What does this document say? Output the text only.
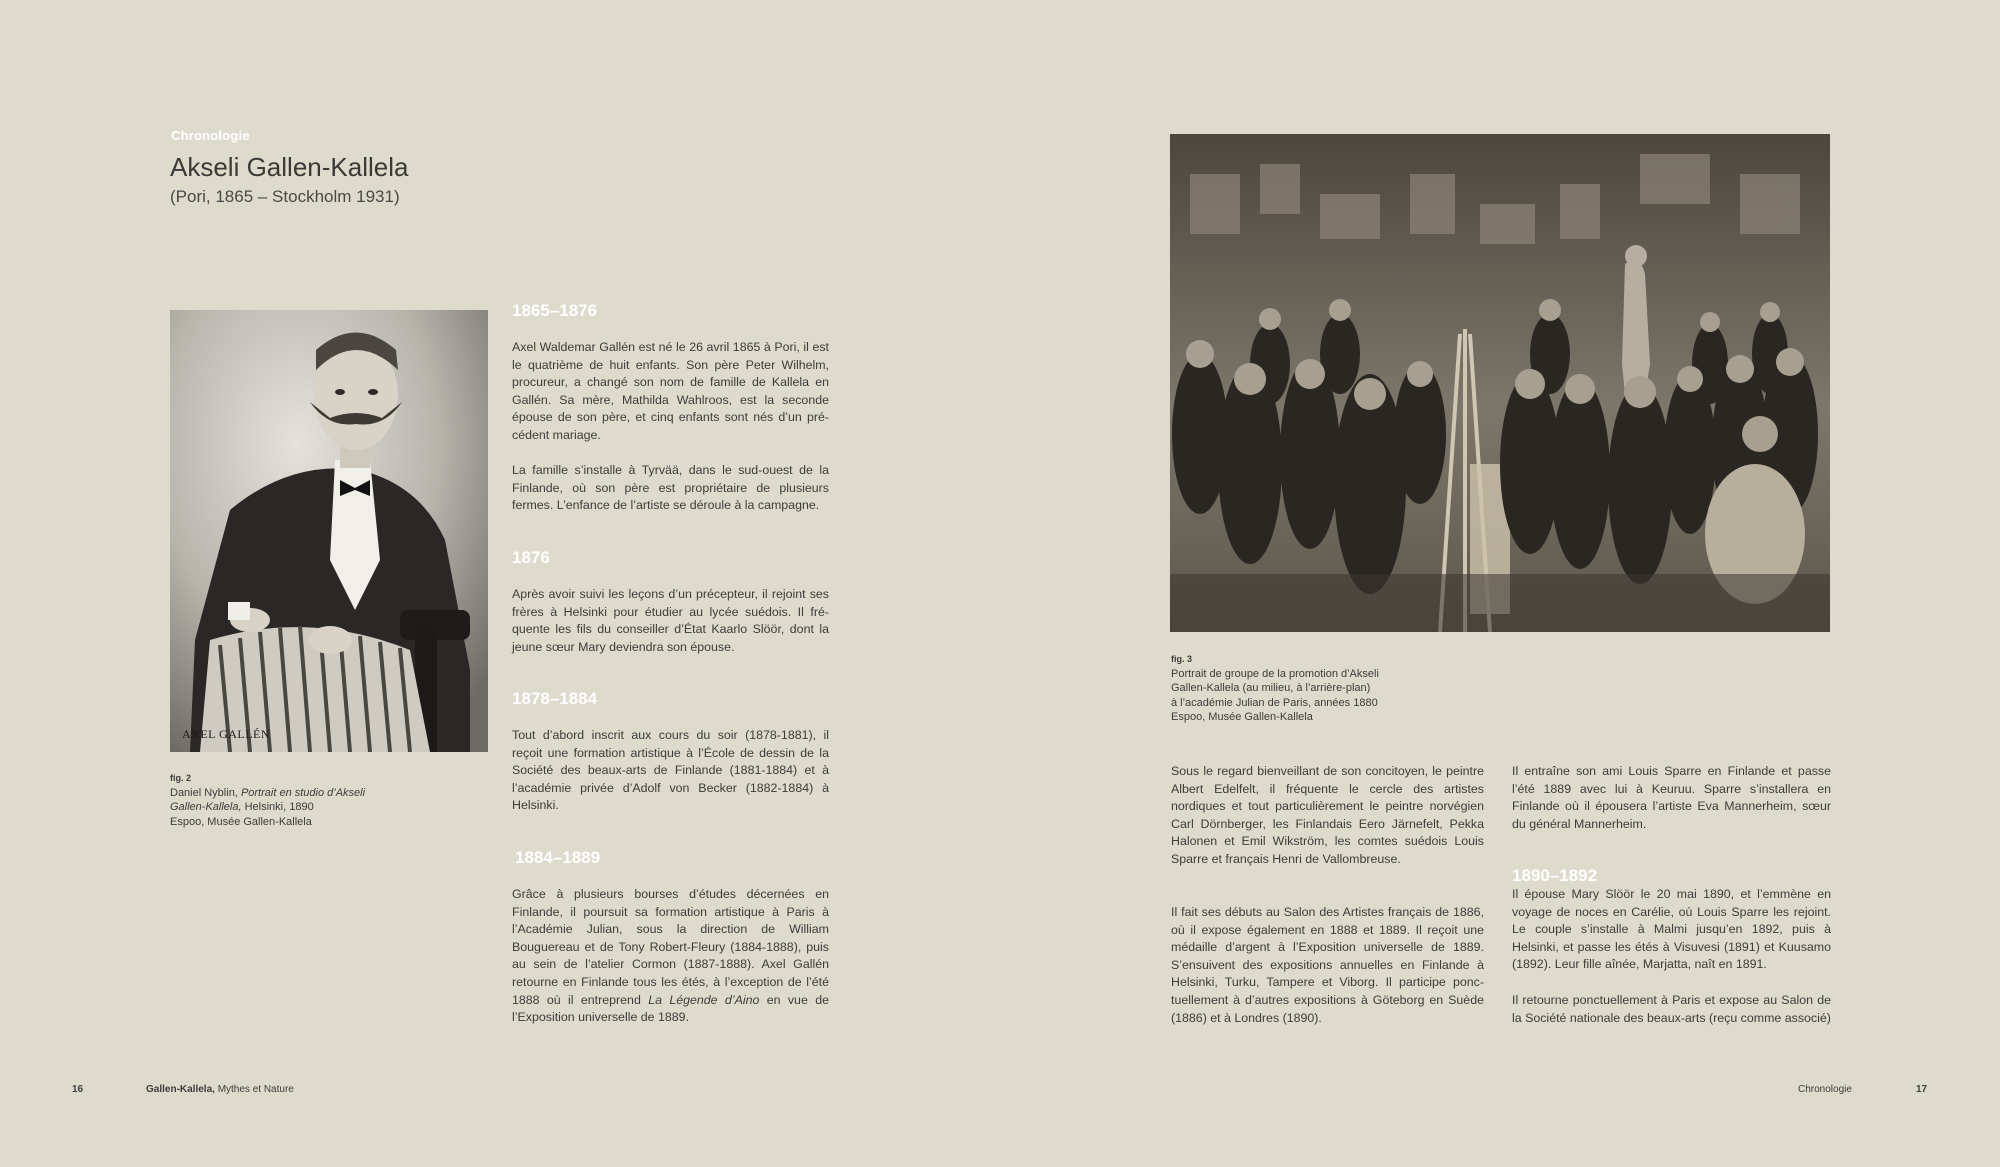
Chronologie
Akseli Gallen-Kallela
(Pori, 1865 – Stockholm 1931)
AXEL GALLÉN
fig. 2
Daniel Nyblin, Portrait en studio d’Akseli
Gallen-Kallela, Helsinki, 1890
Espoo, Musée Gallen-Kallela
1865–1876
Axel Waldemar Gallén est né le 26 avril 1865 à Pori, il est le quatrième de huit enfants. Son père Peter Wilhelm, procureur, a changé son nom de famille de Kallela en Gallén. Sa mère, Mathilda Wahlroos, est la seconde épouse de son père, et cinq enfants sont nés d’un pré-cédent mariage.
La famille s’installe à Tyrvää, dans le sud-ouest de la Finlande, où son père est propriétaire de plusieurs fermes. L’enfance de l’artiste se déroule à la campagne.
1876
Après avoir suivi les leçons d’un précepteur, il rejoint ses frères à Helsinki pour étudier au lycée suédois. Il fré-quente les fils du conseiller d’État Kaarlo Slöör, dont la jeune sœur Mary deviendra son épouse.
1878–1884
Tout d’abord inscrit aux cours du soir (1878-1881), il reçoit une formation artistique à l’École de dessin de la Société des beaux-arts de Finlande (1881-1884) et à l’académie privée d’Adolf von Becker (1882-1884) à Helsinki.
1884–1889
Grâce à plusieurs bourses d’études décernées en Finlande, il poursuit sa formation artistique à Paris à l’Académie Julian, sous la direction de William Bouguereau et de Tony Robert-Fleury (1884-1888), puis au sein de l’atelier Cormon (1887-1888). Axel Gallén retourne en Finlande tous les étés, à l’exception de l’été 1888 où il entreprend La Légende d’Aino en vue de l’Exposition universelle de 1889.
16	Gallen-Kallela, Mythes et Nature
fig. 3
Portrait de groupe de la promotion d’Akseli
Gallen-Kallela (au milieu, à l’arrière-plan)
à l’académie Julian de Paris, années 1880
Espoo, Musée Gallen-Kallela
Sous le regard bienveillant de son concitoyen, le peintre Albert Edelfelt, il fréquente le cercle des artistes nordiques et tout particulièrement le peintre norvégien Carl Dörnberger, les Finlandais Eero Järnefelt, Pekka Halonen et Emil Wikström, les comtes suédois Louis Sparre et français Henri de Vallombreuse.
Il fait ses débuts au Salon des Artistes français de 1886, où il expose également en 1888 et 1889. Il reçoit une médaille d’argent à l’Exposition universelle de 1889. S’ensuivent des expositions annuelles en Finlande à Helsinki, Turku, Tampere et Viborg. Il participe ponc-tuellement à d’autres expositions à Göteborg en Suède (1886) et à Londres (1890).
Il entraîne son ami Louis Sparre en Finlande et passe l’été 1889 avec lui à Keuruu. Sparre s’installera en Finlande où il épousera l’artiste Eva Mannerheim, sœur du général Mannerheim.
1890–1892
Il épouse Mary Slöör le 20 mai 1890, et l’emmène en voyage de noces en Carélie, où Louis Sparre les rejoint. Le couple s’installe à Malmi jusqu’en 1892, puis à Helsinki, et passe les étés à Visuvesi (1891) et Kuusamo (1892). Leur fille aînée, Marjatta, naît en 1891.
Il retourne ponctuellement à Paris et expose au Salon de la Société nationale des beaux-arts (reçu comme associé)
Chronologie	17
